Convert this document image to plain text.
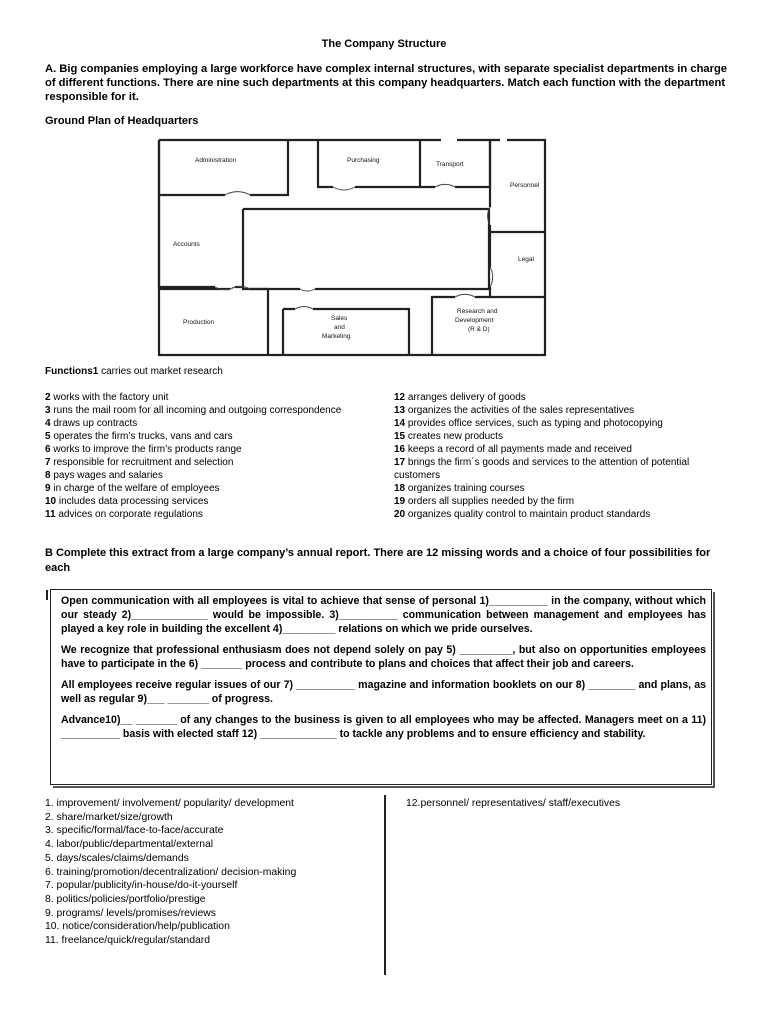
The Company Structure
A. Big companies employing a large workforce have complex internal structures, with separate specialist departments in charge of different functions. There are nine such departments at this company headquarters. Match each function with the department responsible for it.
Ground Plan of Headquarters
Administration	Purchasing
Transport
Personnel
Accounts
Legal
Production
Sales
and
Marketing
Research and
Development
(R & D)
Functions1 carries out market research
2 works with the factory unit
3 runs the mail room for all incoming and outgoing correspondence
4 draws up contracts
5 operates the firm’s trucks, vans and cars
6 works to improve the firm’s products range
7 responsible for recruitment and selection
8 pays wages and salaries
9 in charge of the welfare of employees
10 includes data processing services
11 advices on corporate regulations
12 arranges delivery of goods
13 organizes the activities of the sales representatives
14 provides office services, such as typing and photocopying
15 creates new products
16 keeps a record of all payments made and received
17 brings the firm´s goods and services to the attention of potential customers
18 organizes training courses
19 orders all supplies needed by the firm
20 organizes quality control to maintain product standards
B Complete this extract from a large company’s annual report. There are 12 missing words and a choice of four possibilities for each

Open communication with all employees is vital to achieve that sense of personal 1)__________ in the company, without which our steady 2)_____________ would be impossible. 3)__________ communication between management and employees has played a key role in building the excellent 4)_________ relations on which we pride ourselves.

We recognize that professional enthusiasm does not depend solely on pay 5) _________, but also on opportunities employees have to participate in the 6) _______ process and contribute to plans and choices that affect their job and careers.

All employees receive regular issues of our 7) __________ magazine and information booklets on our 8) ________ and plans, as well as regular 9)___ _______ of progress.

Advance10)__ _______ of any changes to the business is given to all employees who may be affected. Managers meet on a 11) __________ basis with elected staff 12) _____________ to tackle any problems and to ensure efficiency and stability.

1. improvement/ involvement/ popularity/ development
2. share/market/size/growth
3. specific/formal/face-to-face/accurate
4. labor/public/departmental/external
5. days/scales/claims/demands
6. training/promotion/decentralization/ decision-making
7. popular/publicity/in-house/do-it-yourself
8. politics/policies/portfolio/prestige
9. programs/ levels/promises/reviews
10. notice/consideration/help/publication
11. freelance/quick/regular/standard
12.personnel/ representatives/ staff/executives
